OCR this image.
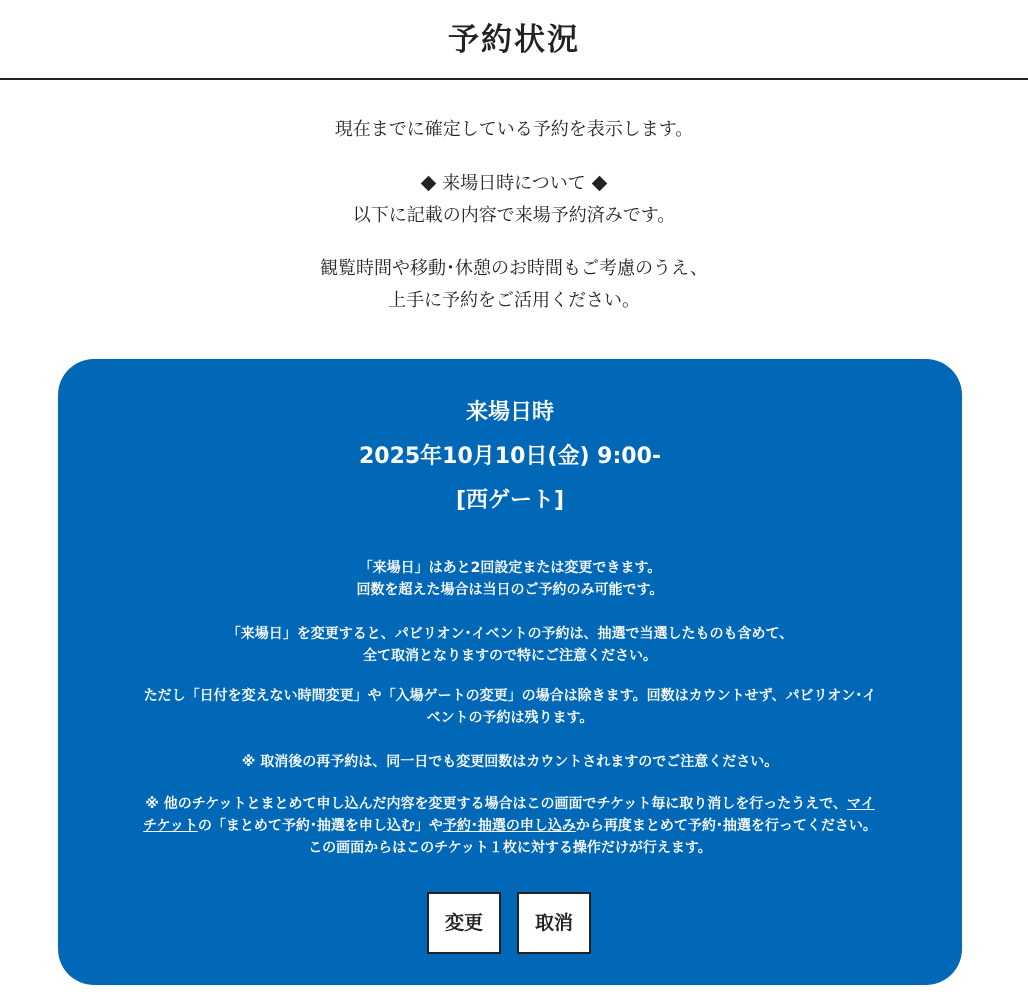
予約状況

現在までに確定している予約を表示します。

来場日時について

以下に記載の内容で来場予約済みです。

観覧時間や移動･休憩のお時間もご考慮のうえ、

上手に予約をご活用ください。

来場日時
2025年10月10日(金) 9:00-
[西ゲート]
「来場日」はあと2回設定または変更できます。
回数を超えた場合は当日のご予約のみ可能です。
「来場日」を変更すると、パビリオン･イベントの予約は、抽選で当選したものも含めて、
全て取消となりますので特にご注意ください。
ただし「日付を変えない時間変更」や「入場ゲートの変更」の場合は除きます。回数はカウントせず、パビリオン･イ
ベントの予約は残ります。
※ 取消後の再予約は、同一日でも変更回数はカウントされますのでご注意ください。
※ 他のチケットとまとめて申し込んだ内容を変更する場合はこの画面でチケット毎に取り消しを行ったうえで、マイ
チケットの「まとめて予約･抽選を申し込む」や予約･抽選の申し込みから再度まとめて予約･抽選を行ってください。
この画面からはこのチケット１枚に対する操作だけが行えます。
変更	取消
